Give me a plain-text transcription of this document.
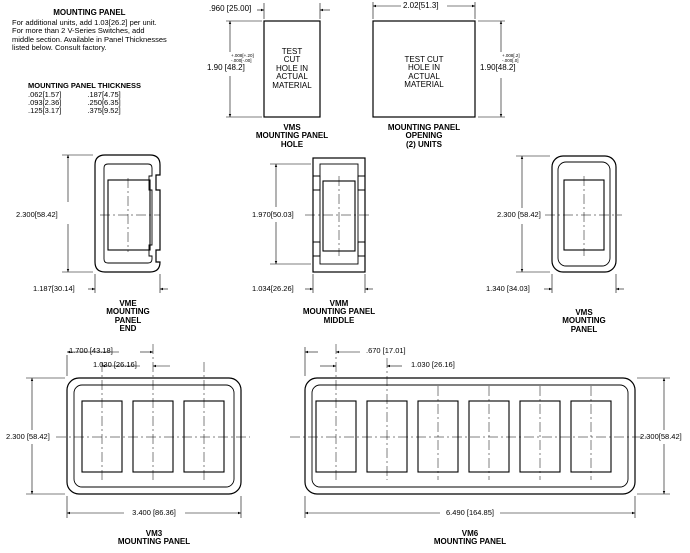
MOUNTING PANEL
For additional units, add 1.03[26.2] per unit.
For more than 2 V-Series Switches, add
middle section. Available in Panel Thicknesses
listed below. Consult factory.
MOUNTING PANEL THICKNESS
.062[1.57]	.187[4.75]
.093[2.36]	.250[6.35]
.125[3.17]	.375[9.52]
.960 [25.00]
1.90 [48.2]
+.008[+.20]
-.000[-.00]
TEST
CUT
HOLE IN
ACTUAL
MATERIAL
VMS
MOUNTING PANEL
HOLE
2.02[51.3]
1.90[48.2]
+.008[.2]
-.000[.0]
TEST CUT
HOLE IN
ACTUAL
MATERIAL
MOUNTING PANEL
OPENING
(2) UNITS
2.300[58.42]
1.187[30.14]
VME
MOUNTING
PANEL
END
1.970[50.03]
1.034[26.26]
VMM
MOUNTING PANEL
MIDDLE
2.300 [58.42]
1.340 [34.03]
VMS
MOUNTING
PANEL
1.700 [43.18]
1.030 [26.16]
2.300 [58.42]
3.400 [86.36]
VM3
MOUNTING PANEL
.670 [17.01]
1.030 [26.16]
2.300[58.42]
6.490 [164.85]
VM6
MOUNTING PANEL
